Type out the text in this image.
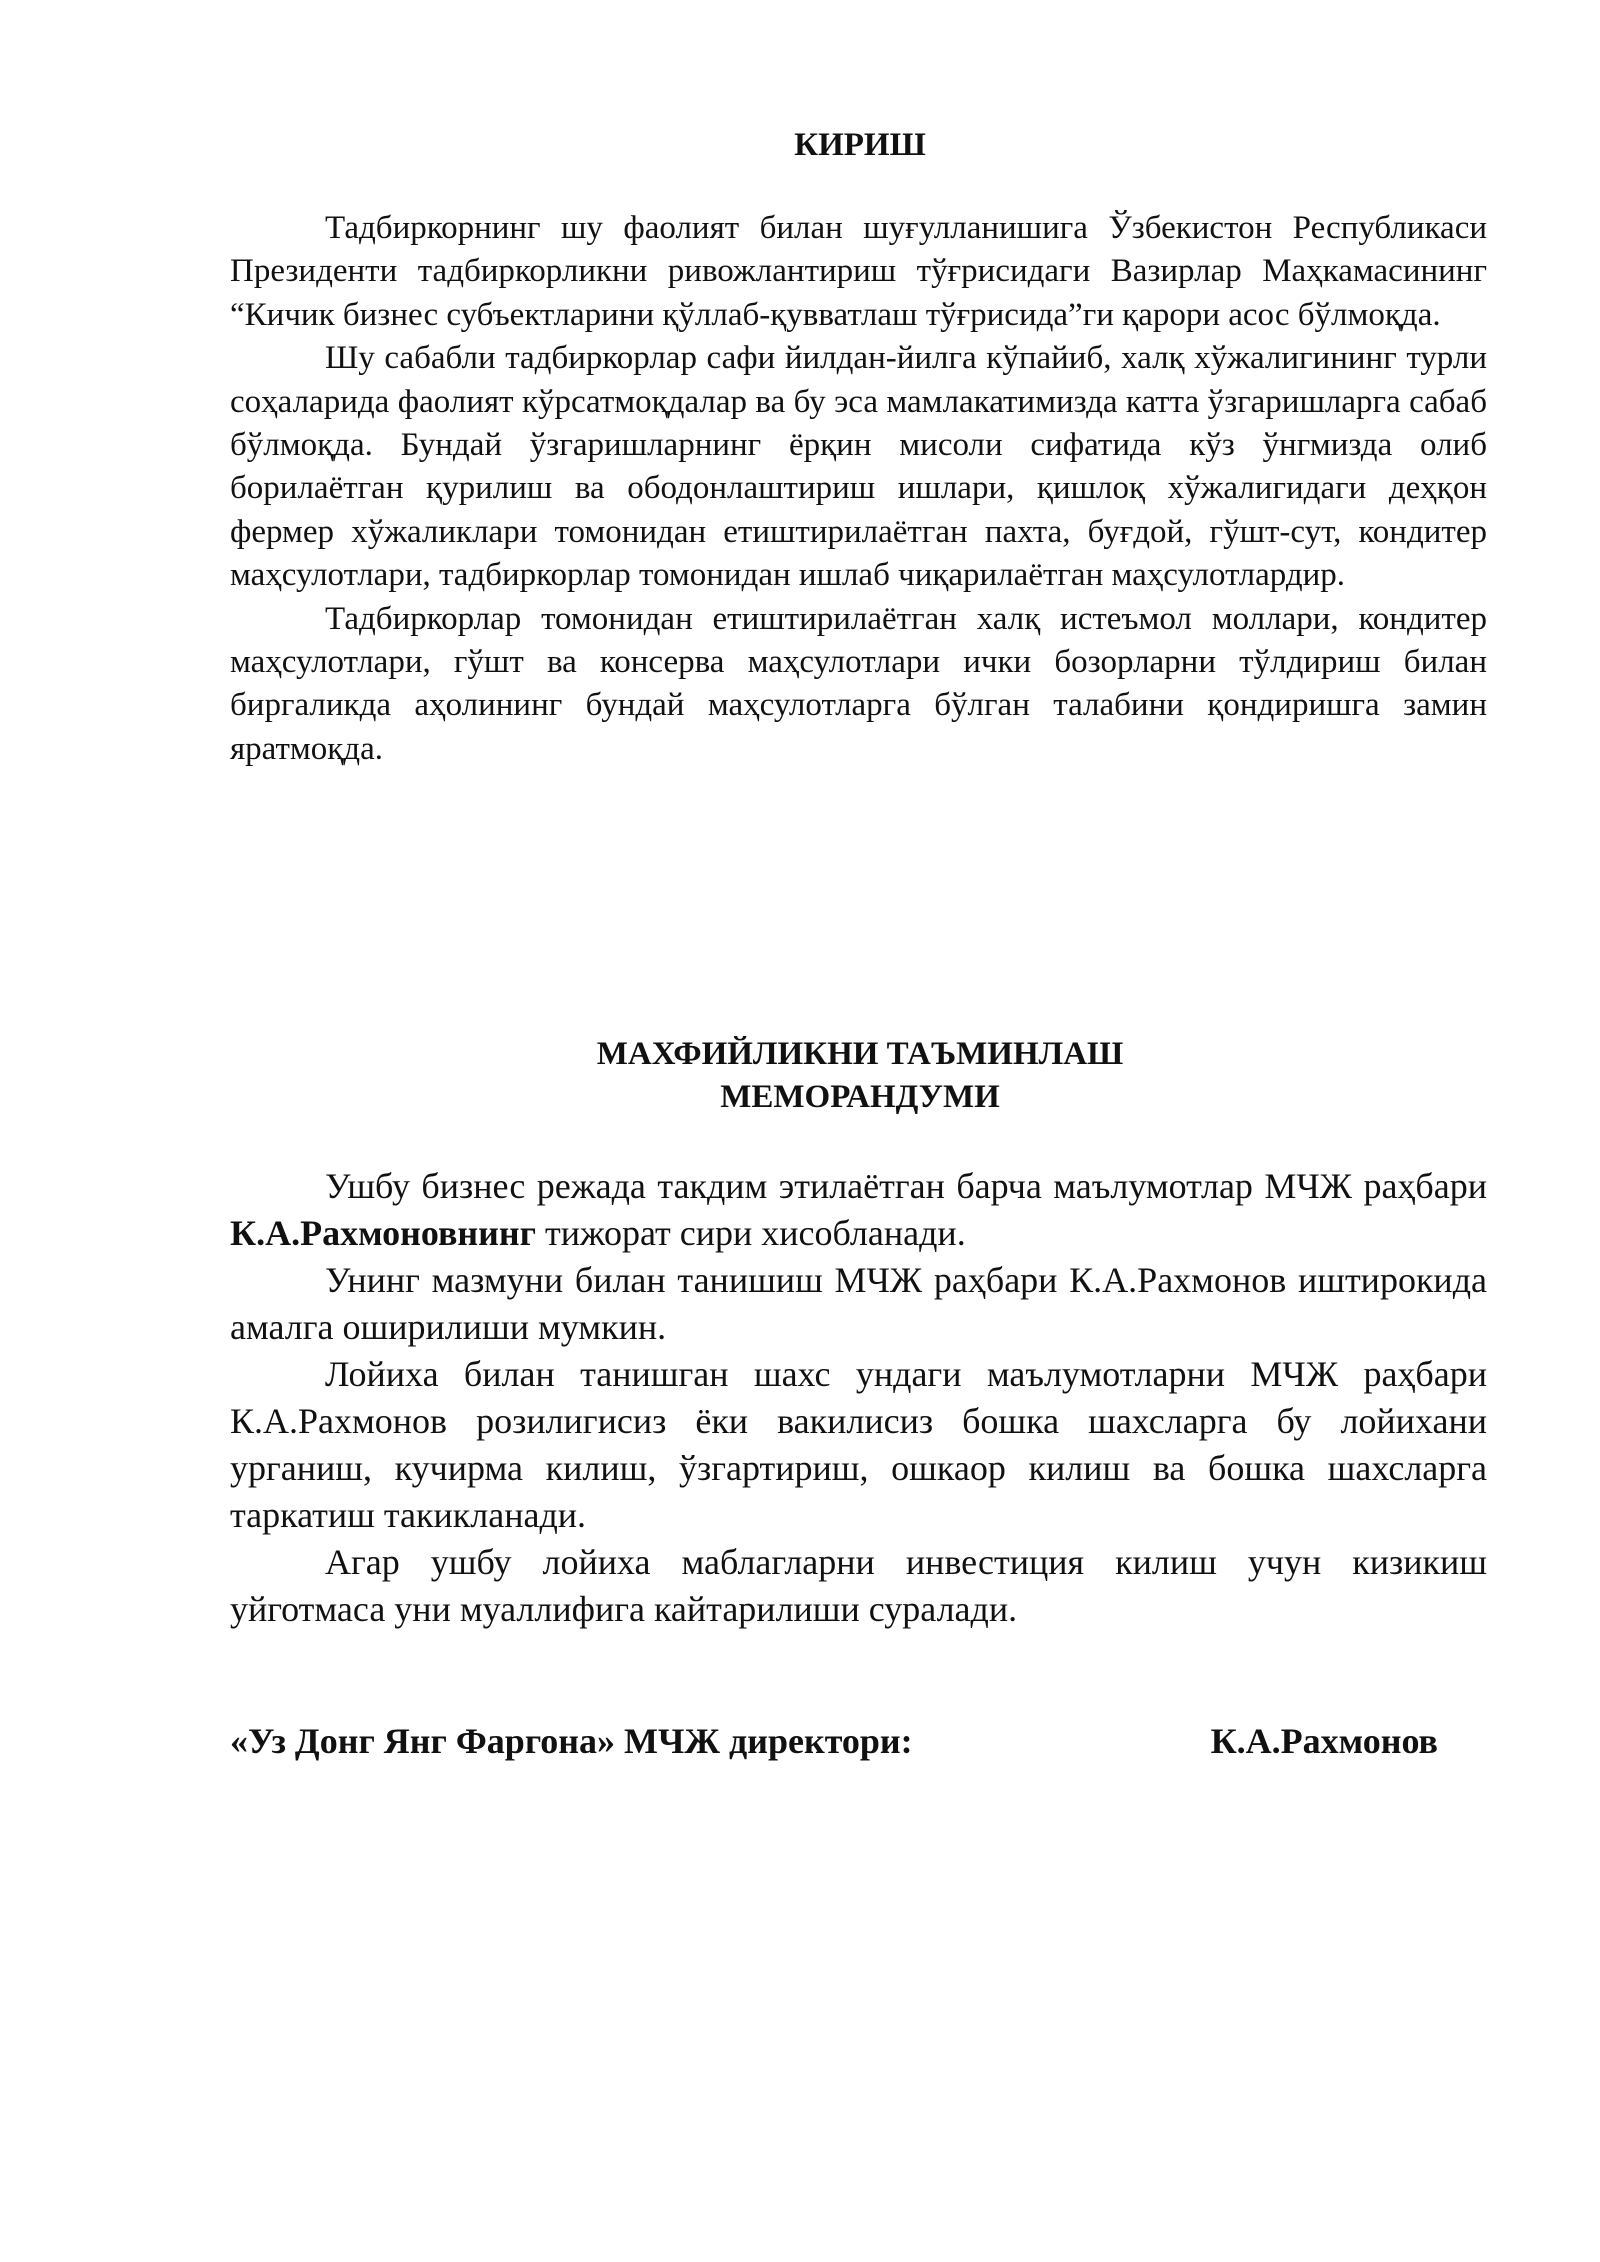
КИРИШ

Тадбиркорнинг шу фаолият билан шуғулланишига Ўзбекистон Республикаси Президенти тадбиркорликни ривожлантириш тўғрисидаги Вазирлар Маҳкамасининг “Кичик бизнес субъектларини қўллаб-қувватлаш тўғрисида”ги қарори асос бўлмоқда.

Шу сабабли тадбиркорлар сафи йилдан-йилга кўпайиб, халқ хўжалигининг турли соҳаларида фаолият кўрсатмоқдалар ва бу эса мамлакатимизда катта ўзгаришларга сабаб бўлмоқда. Бундай ўзгаришларнинг ёрқин мисоли сифатида кўз ўнгмизда олиб борилаётган қурилиш ва ободонлаштириш ишлари, қишлоқ хўжалигидаги деҳқон фермер хўжаликлари томонидан етиштирилаётган пахта, буғдой, гўшт-сут, кондитер маҳсулотлари, тадбиркорлар томонидан ишлаб чиқарилаётган маҳсулотлардир.

Тадбиркорлар томонидан етиштирилаётган халқ истеъмол моллари, кондитер маҳсулотлари, гўшт ва консерва маҳсулотлари ички бозорларни тўлдириш билан биргаликда аҳолининг бундай маҳсулотларга бўлган талабини қондиришга замин яратмоқда.

МАХФИЙЛИКНИ ТАЪМИНЛАШ
МЕМОРАНДУМИ

Ушбу бизнес режада такдим этилаётган барча маълумотлар МЧЖ раҳбари К.А.Рахмоновнинг тижорат сири хисобланади.

Унинг мазмуни билан танишиш МЧЖ раҳбари К.А.Рахмонов иштирокида амалга оширилиши мумкин.

Лойиха билан танишган шахс ундаги маълумотларни МЧЖ раҳбари К.А.Рахмонов розилигисиз ёки вакилисиз бошка шахсларга бу лойихани урганиш, кучирма килиш, ўзгартириш, ошкаор килиш ва бошка шахсларга таркатиш такикланади.

Агар ушбу лойиха маблагларни инвестиция килиш учун кизикиш уйготмаса уни муаллифига кайтарилиши суралади.

«Уз Донг Янг Фаргона» МЧЖ директори:	К.А.Рахмонов
